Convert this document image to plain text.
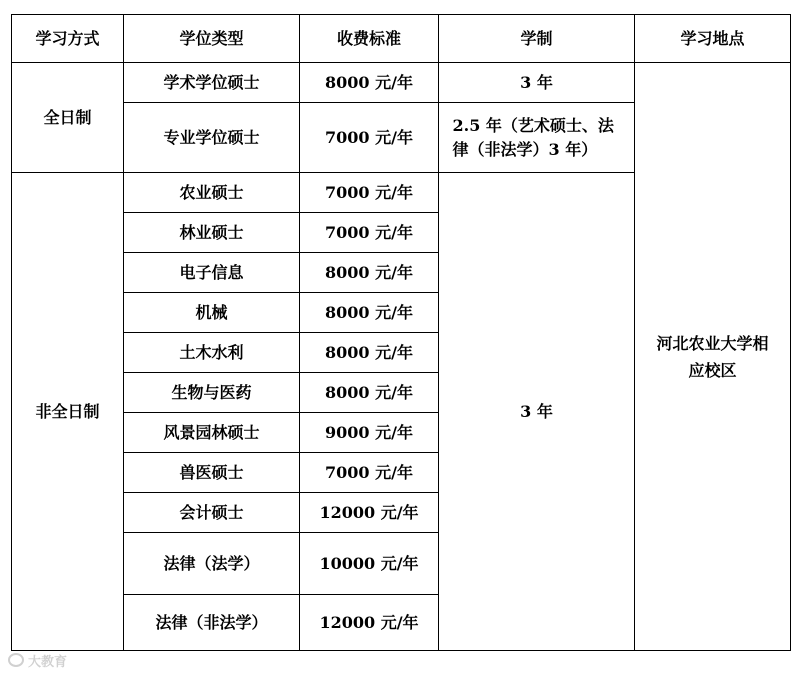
学习方式	学位类型	收费标准	学制	学习地点
全日制	学术学位硕士	8000 元/年	3 年	河北农业大学相应校区

	专业学位硕士	7000 元/年	2.5 年（艺术硕士、法律（非法学）3 年）	

非全日制	农业硕士	7000 元/年	3 年	
	林业硕士	7000 元/年		
	电子信息	8000 元/年		
	机械	8000 元/年		
	土木水利	8000 元/年		
	生物与医药	8000 元/年		
	风景园林硕士	9000 元/年		
	兽医硕士	7000 元/年		
	会计硕士	12000 元/年		
	法律（法学）	10000 元/年		
	法律（非法学）	12000 元/年		
大教育
